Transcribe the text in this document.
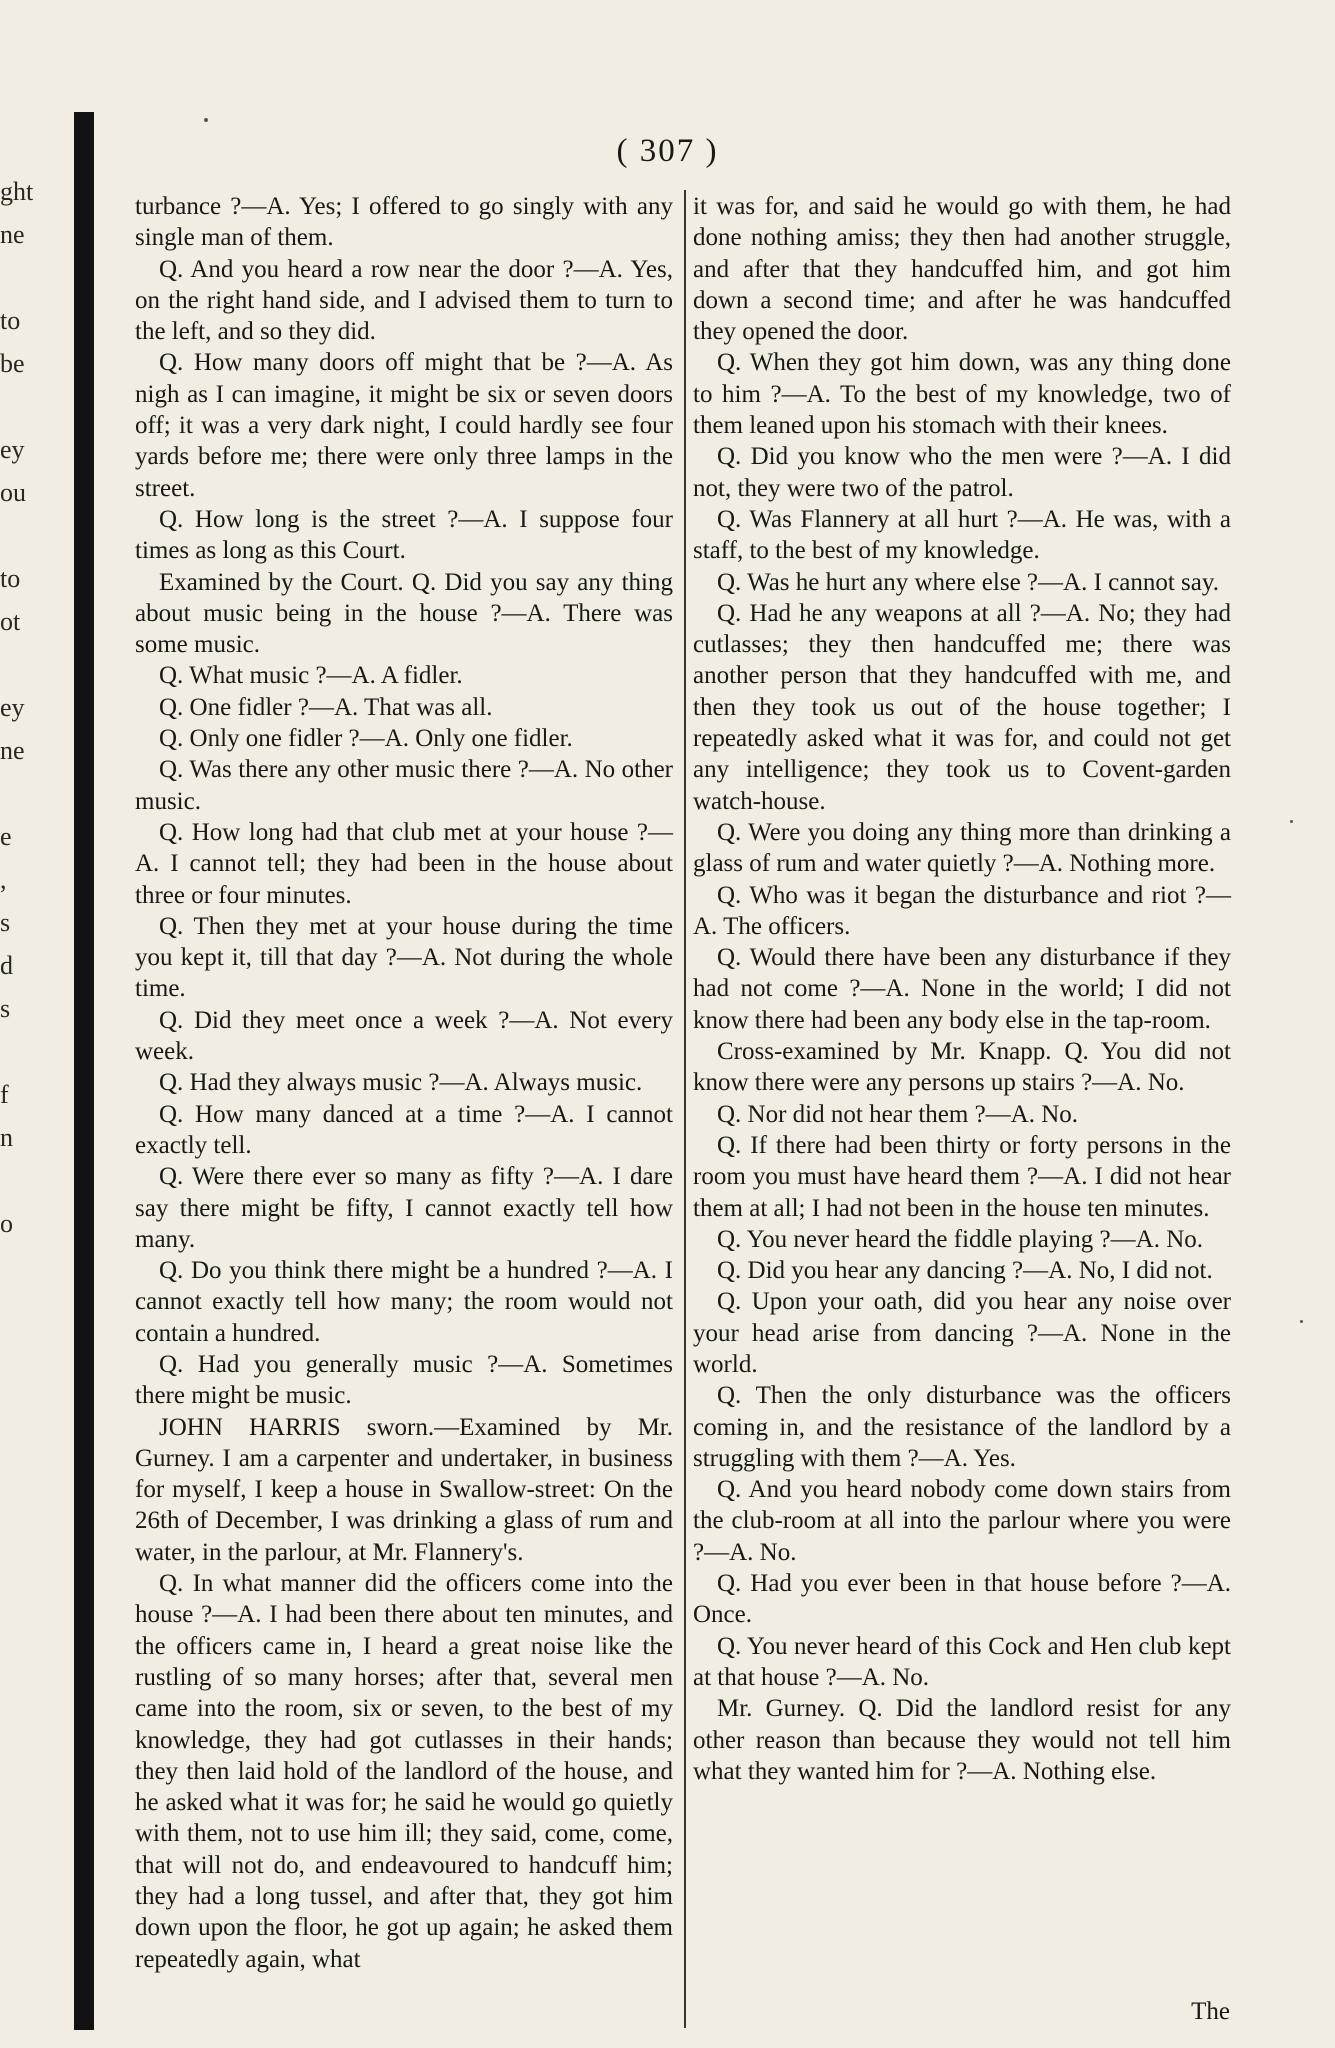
ght
ne
to
be
ey
ou
to
ot
ey
ne
e
,
s
d
s
f
n
o
( 307 )

turbance ?—A. Yes; I offered to go singly with any single man of them.

Q. And you heard a row near the door ?—A. Yes, on the right hand side, and I advised them to turn to the left, and so they did.

Q. How many doors off might that be ?—A. As nigh as I can imagine, it might be six or seven doors off; it was a very dark night, I could hardly see four yards before me; there were only three lamps in the street.

Q. How long is the street ?—A. I suppose four times as long as this Court.

Examined by the Court. Q. Did you say any thing about music being in the house ?—A. There was some music.

Q. What music ?—A. A fidler.

Q. One fidler ?—A. That was all.

Q. Only one fidler ?—A. Only one fidler.

Q. Was there any other music there ?—A. No other music.

Q. How long had that club met at your house ?—A. I cannot tell; they had been in the house about three or four minutes.

Q. Then they met at your house during the time you kept it, till that day ?—A. Not during the whole time.

Q. Did they meet once a week ?—A. Not every week.

Q. Had they always music ?—A. Always music.

Q. How many danced at a time ?—A. I cannot exactly tell.

Q. Were there ever so many as fifty ?—A. I dare say there might be fifty, I cannot exactly tell how many.

Q. Do you think there might be a hundred ?—A. I cannot exactly tell how many; the room would not contain a hundred.

Q. Had you generally music ?—A. Sometimes there might be music.

JOHN HARRIS sworn.—Examined by Mr. Gurney. I am a carpenter and undertaker, in business for myself, I keep a house in Swallow-street: On the 26th of December, I was drinking a glass of rum and water, in the parlour, at Mr. Flannery's.

Q. In what manner did the officers come into the house ?—A. I had been there about ten minutes, and the officers came in, I heard a great noise like the rustling of so many horses; after that, several men came into the room, six or seven, to the best of my knowledge, they had got cutlasses in their hands; they then laid hold of the landlord of the house, and he asked what it was for; he said he would go quietly with them, not to use him ill; they said, come, come, that will not do, and endeavoured to handcuff him; they had a long tussel, and after that, they got him down upon the floor, he got up again; he asked them repeatedly again, what

it was for, and said he would go with them, he had done nothing amiss; they then had another struggle, and after that they handcuffed him, and got him down a second time; and after he was handcuffed they opened the door.

Q. When they got him down, was any thing done to him ?—A. To the best of my knowledge, two of them leaned upon his stomach with their knees.

Q. Did you know who the men were ?—A. I did not, they were two of the patrol.

Q. Was Flannery at all hurt ?—A. He was, with a staff, to the best of my knowledge.

Q. Was he hurt any where else ?—A. I cannot say.

Q. Had he any weapons at all ?—A. No; they had cutlasses; they then handcuffed me; there was another person that they handcuffed with me, and then they took us out of the house together; I repeatedly asked what it was for, and could not get any intelligence; they took us to Covent-garden watch-house.

Q. Were you doing any thing more than drinking a glass of rum and water quietly ?—A. Nothing more.

Q. Who was it began the disturbance and riot ?—A. The officers.

Q. Would there have been any disturbance if they had not come ?—A. None in the world; I did not know there had been any body else in the tap-room.

Cross-examined by Mr. Knapp. Q. You did not know there were any persons up stairs ?—A. No.

Q. Nor did not hear them ?—A. No.

Q. If there had been thirty or forty persons in the room you must have heard them ?—A. I did not hear them at all; I had not been in the house ten minutes.

Q. You never heard the fiddle playing ?—A. No.

Q. Did you hear any dancing ?—A. No, I did not.

Q. Upon your oath, did you hear any noise over your head arise from dancing ?—A. None in the world.

Q. Then the only disturbance was the officers coming in, and the resistance of the landlord by a struggling with them ?—A. Yes.

Q. And you heard nobody come down stairs from the club-room at all into the parlour where you were ?—A. No.

Q. Had you ever been in that house before ?—A. Once.

Q. You never heard of this Cock and Hen club kept at that house ?—A. No.

Mr. Gurney. Q. Did the landlord resist for any other reason than because they would not tell him what they wanted him for ?—A. Nothing else.

The
